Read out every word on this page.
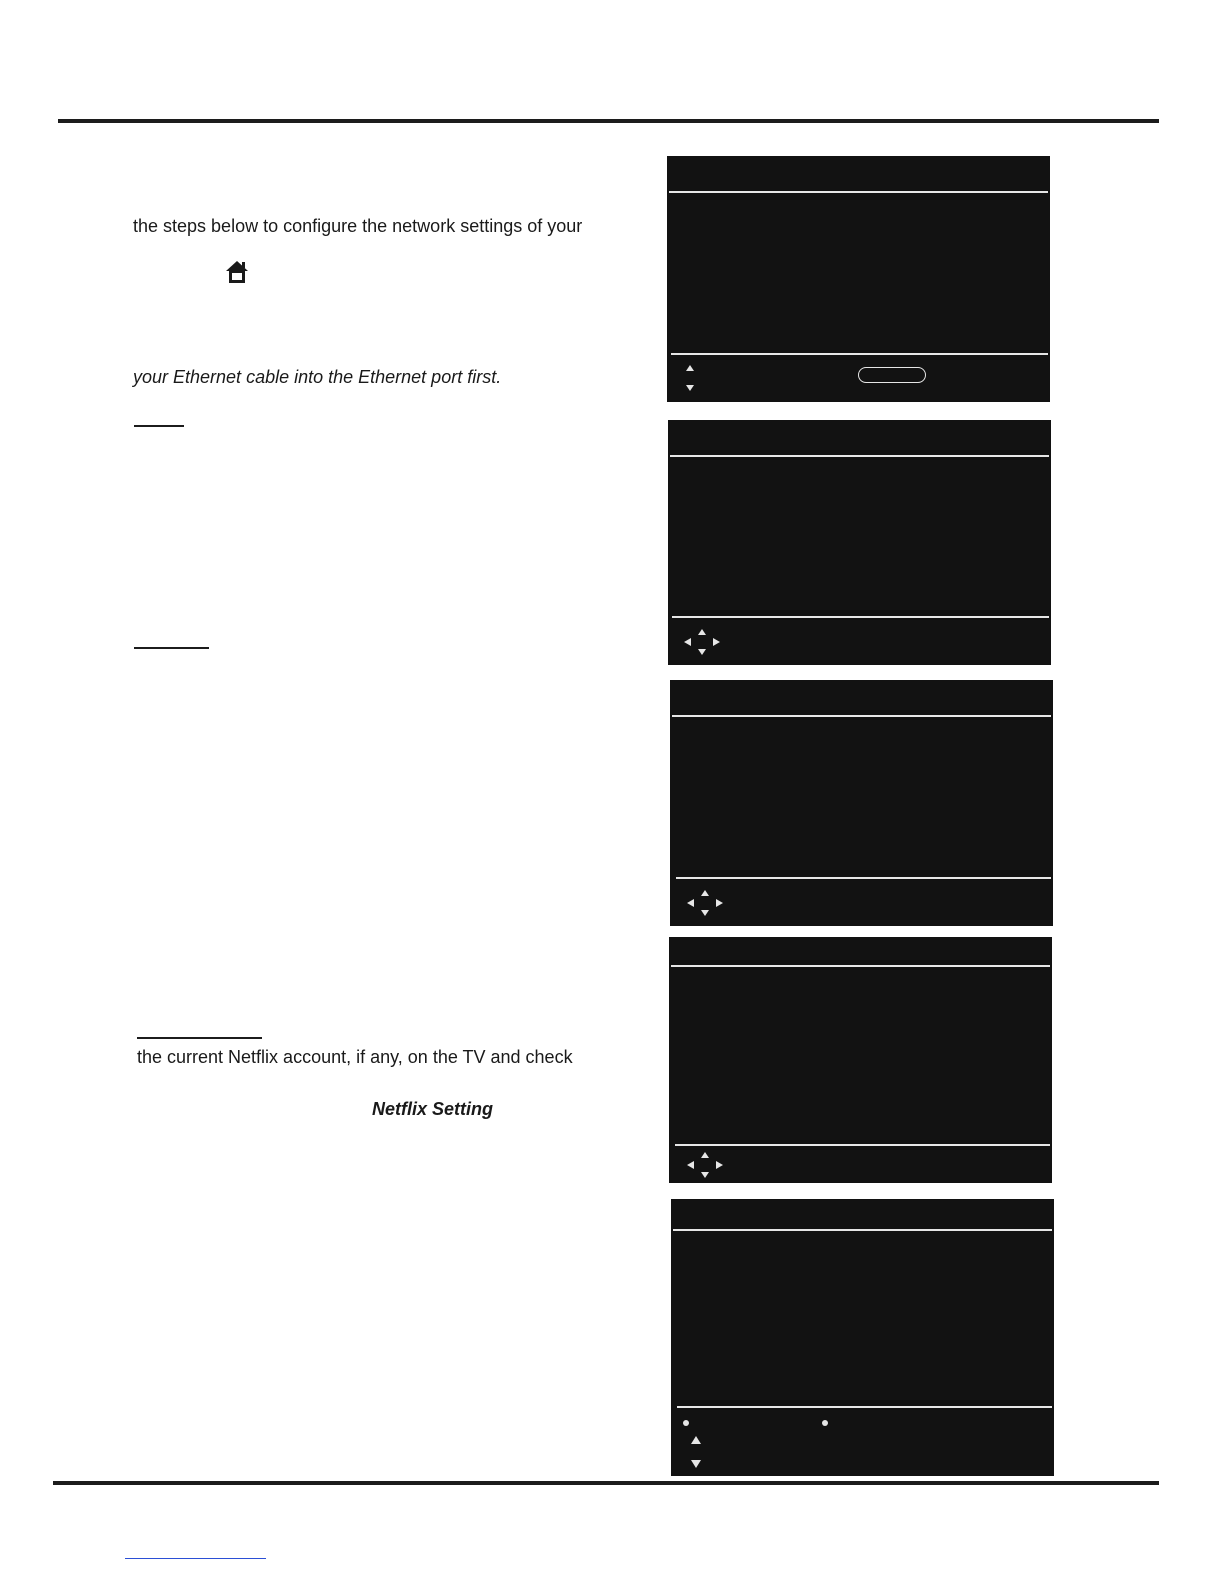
the steps below to configure the network settings of your
your Ethernet cable into the Ethernet port first.
the current Netflix account, if any, on the TV and check
Netflix Setting
